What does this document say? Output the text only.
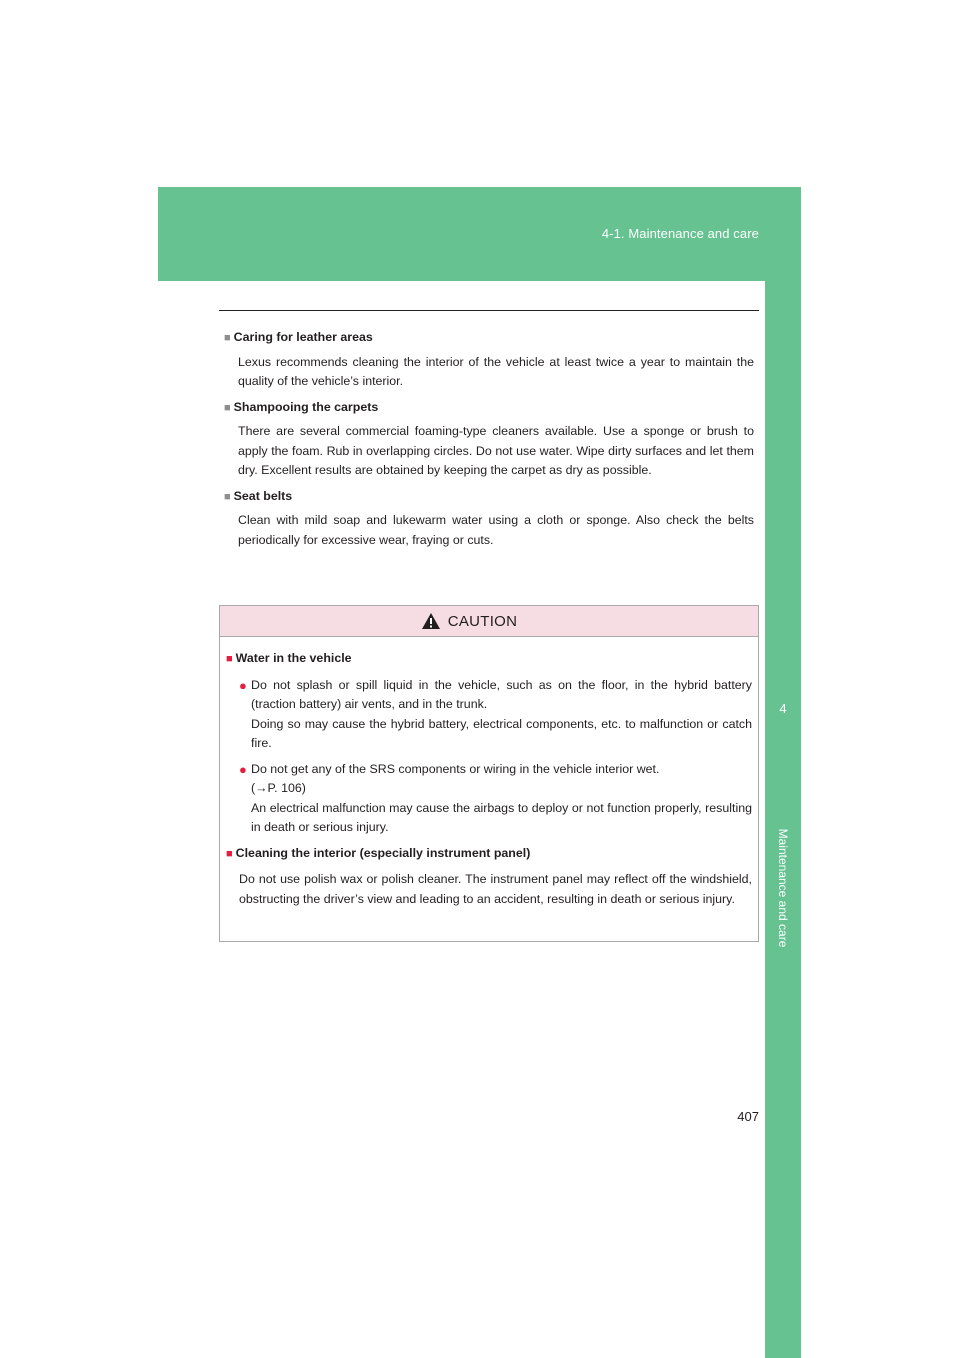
4-1. Maintenance and care
4
Maintenance and care

■ Caring for leather areas

Lexus recommends cleaning the interior of the vehicle at least twice a year to maintain the quality of the vehicle’s interior.

■ Shampooing the carpets

There are several commercial foaming-type cleaners available. Use a sponge or brush to apply the foam. Rub in overlapping circles. Do not use water. Wipe dirty surfaces and let them dry. Excellent results are obtained by keeping the carpet as dry as possible.

■ Seat belts

Clean with mild soap and lukewarm water using a cloth or sponge. Also check the belts periodically for excessive wear, fraying or cuts.

CAUTION

■ Water in the vehicle

● Do not splash or spill liquid in the vehicle, such as on the floor, in the hybrid battery (traction battery) air vents, and in the trunk.
Doing so may cause the hybrid battery, electrical components, etc. to malfunction or catch fire.
● Do not get any of the SRS components or wiring in the vehicle interior wet.
(→P. 106)
An electrical malfunction may cause the airbags to deploy or not function properly, resulting in death or serious injury.

■ Cleaning the interior (especially instrument panel)

Do not use polish wax or polish cleaner. The instrument panel may reflect off the windshield, obstructing the driver’s view and leading to an accident, resulting in death or serious injury.

407
